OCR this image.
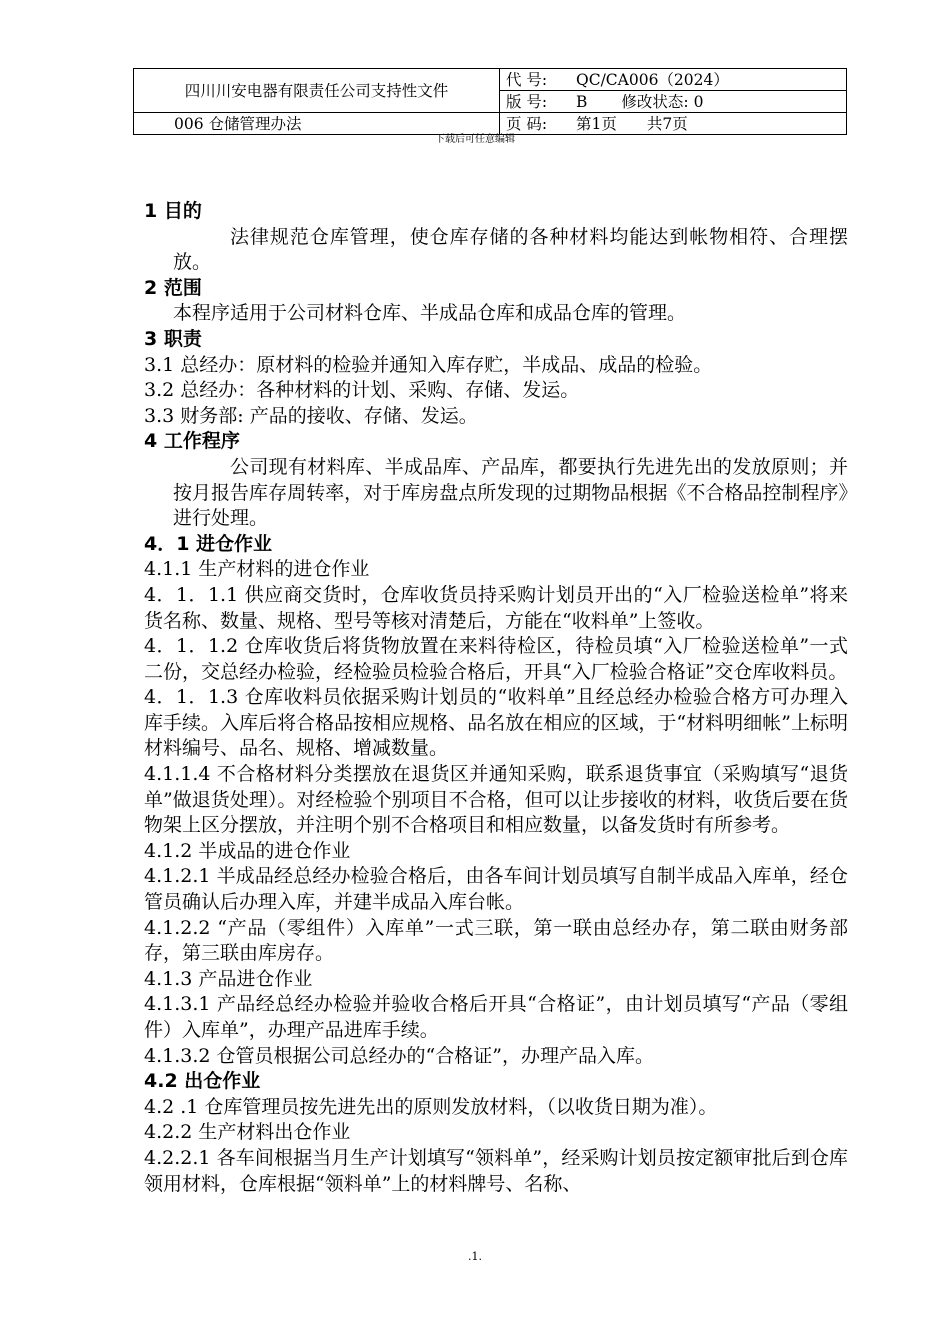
四川川安电器有限责任公司支持性文件	代 号: QC/CA006（2024）
	版 号: B 修改状态: 0
006 仓储管理办法	页 码: 第1页 共7页
下载后可任意编辑

1 目的

法律规范仓库管理，使仓库存储的各种材料均能达到帐物相符、合理摆放。

2 范围

本程序适用于公司材料仓库、半成品仓库和成品仓库的管理。

3 职责

3.1 总经办：原材料的检验并通知入库存贮，半成品、成品的检验。

3.2 总经办：各种材料的计划、采购、存储、发运。

3.3 财务部: 产品的接收、存储、发运。

4 工作程序

公司现有材料库、半成品库、产品库，都要执行先进先出的发放原则；并按月报告库存周转率，对于库房盘点所发现的过期物品根据《不合格品控制程序》进行处理。

4．1 进仓作业

4.1.1 生产材料的进仓作业

4．1．1.1 供应商交货时，仓库收货员持采购计划员开出的“入厂检验送检单”将来货名称、数量、规格、型号等核对清楚后，方能在“收料单”上签收。

4．1．1.2 仓库收货后将货物放置在来料待检区，待检员填“入厂检验送检单”一式二份，交总经办检验，经检验员检验合格后，开具“入厂检验合格证”交仓库收料员。

4．1．1.3 仓库收料员依据采购计划员的“收料单”且经总经办检验合格方可办理入库手续。入库后将合格品按相应规格、品名放在相应的区域，于“材料明细帐”上标明材料编号、品名、规格、增减数量。

4.1.1.4 不合格材料分类摆放在退货区并通知采购，联系退货事宜（采购填写“退货单”做退货处理）。对经检验个别项目不合格，但可以让步接收的材料，收货后要在货物架上区分摆放，并注明个别不合格项目和相应数量，以备发货时有所参考。

4.1.2 半成品的进仓作业

4.1.2.1 半成品经总经办检验合格后，由各车间计划员填写自制半成品入库单，经仓管员确认后办理入库，并建半成品入库台帐。

4.1.2.2 “产品（零组件）入库单”一式三联，第一联由总经办存，第二联由财务部存，第三联由库房存。

4.1.3 产品进仓作业

4.1.3.1 产品经总经办检验并验收合格后开具“合格证”，由计划员填写“产品（零组件）入库单”，办理产品进库手续。

4.1.3.2 仓管员根据公司总经办的“合格证”，办理产品入库。

4.2 出仓作业

4.2 .1 仓库管理员按先进先出的原则发放材料，（以收货日期为准）。

4.2.2 生产材料出仓作业

4.2.2.1 各车间根据当月生产计划填写“领料单”，经采购计划员按定额审批后到仓库领用材料，仓库根据“领料单”上的材料牌号、名称、

.1.
